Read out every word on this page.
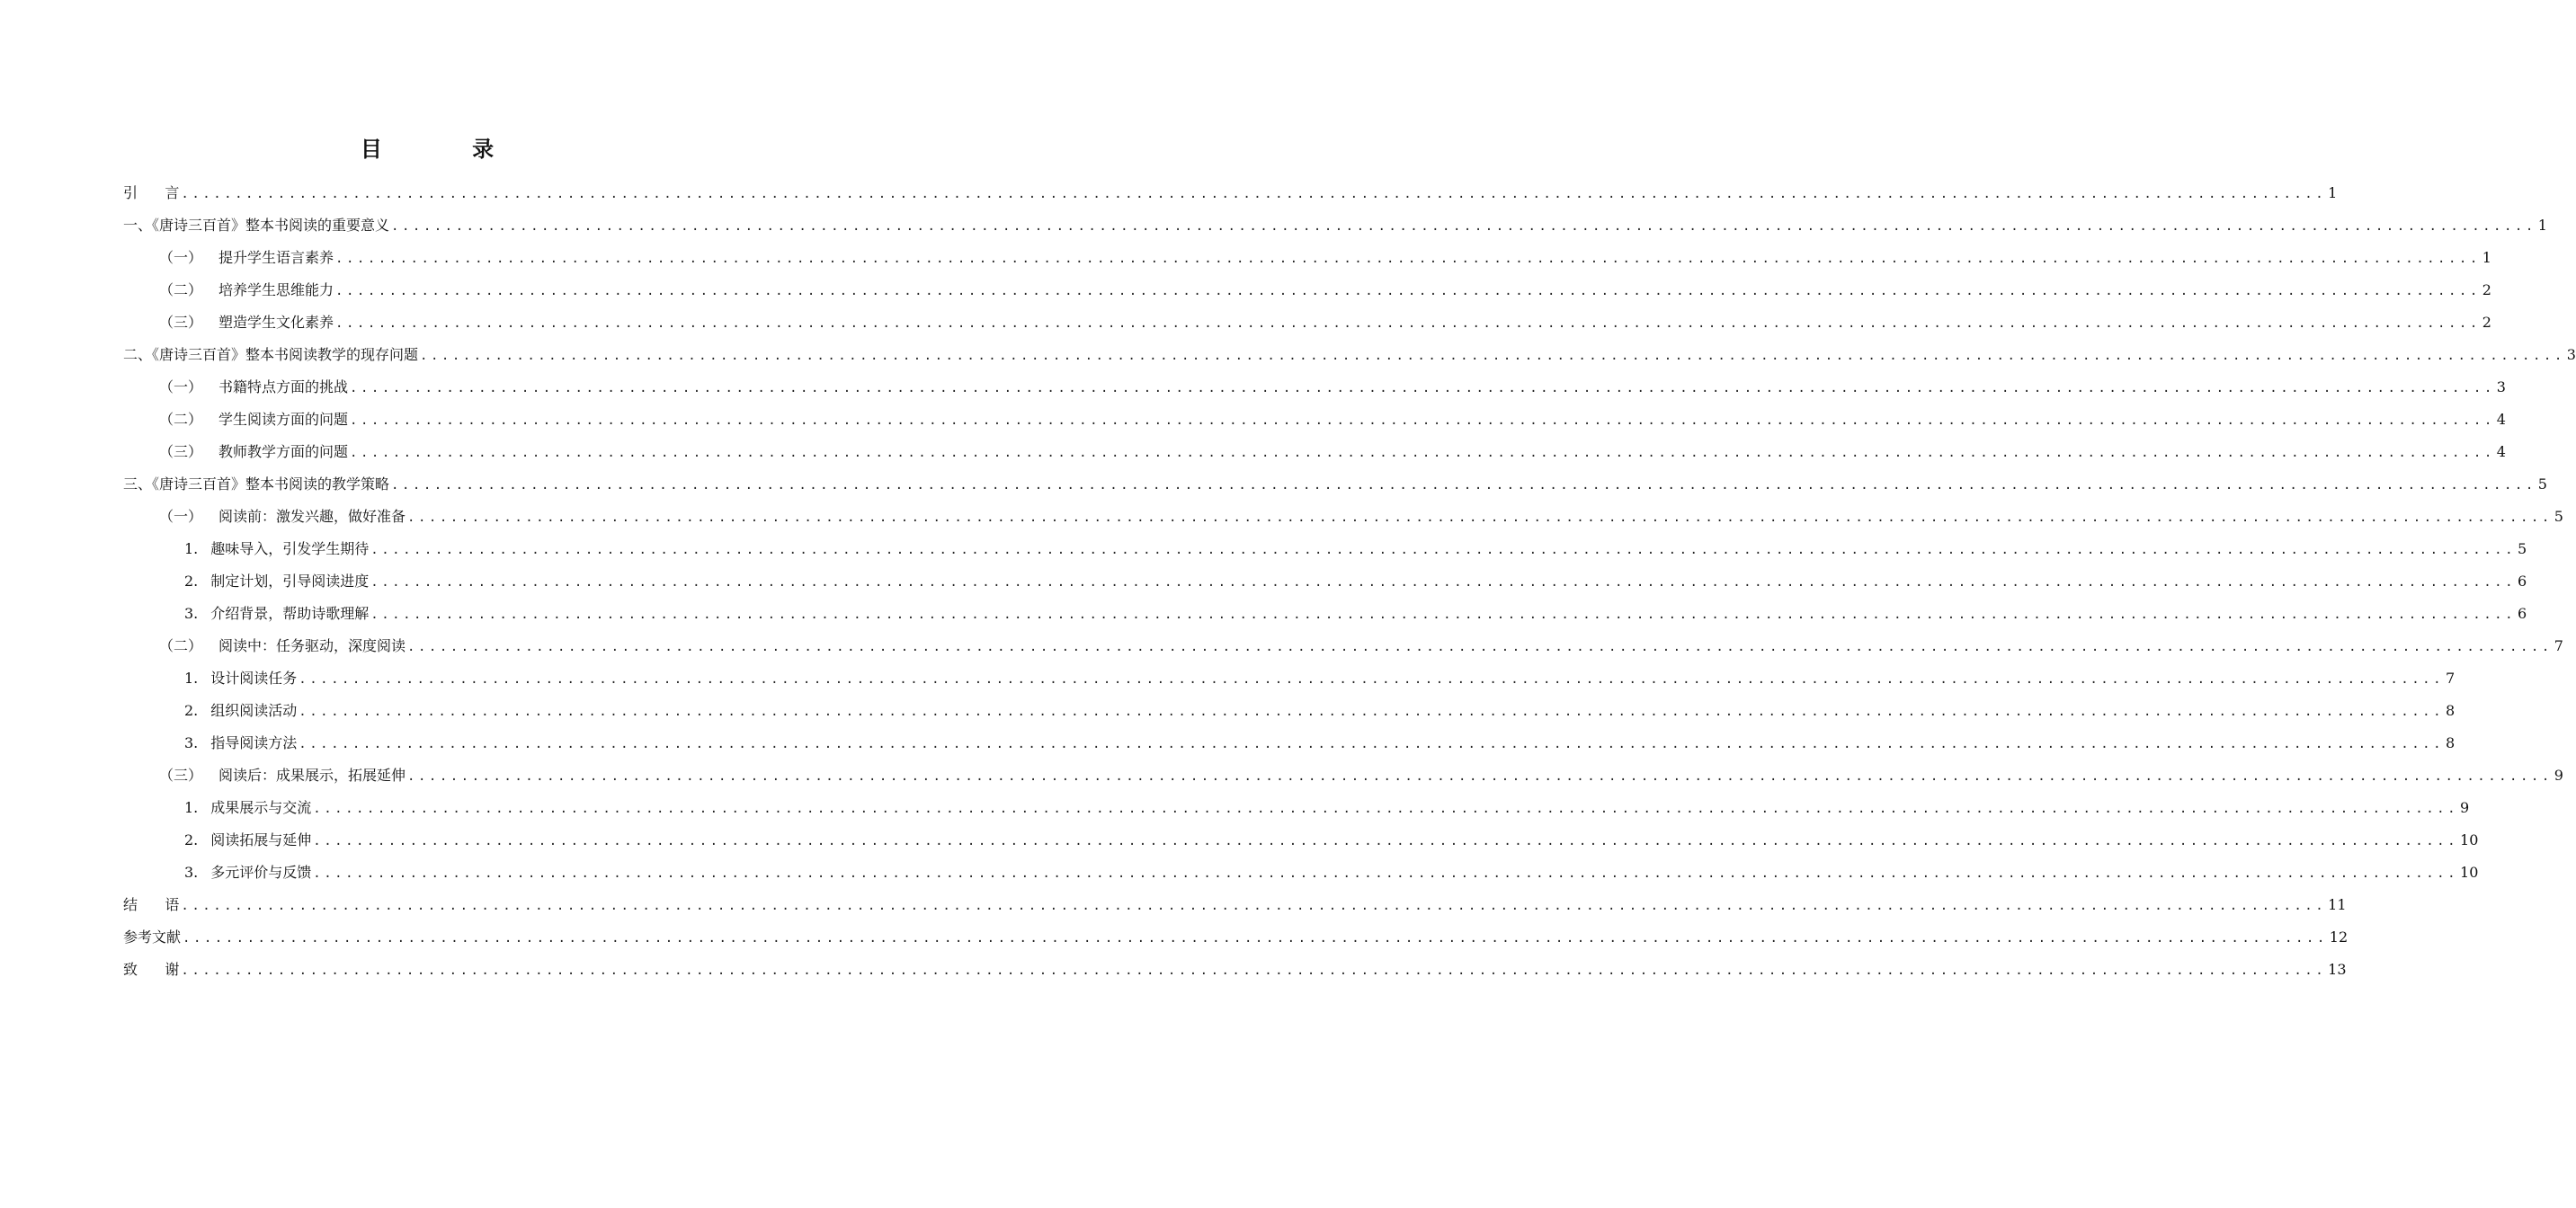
目 录
引言 ........................................................................................................................................................................................................ 1
一、《唐诗三百首》整本书阅读的重要意义 ........................................................................................................................................................................................................ 1
（一） 提升学生语言素养 ........................................................................................................................................................................................................ 1
（二） 培养学生思维能力 ........................................................................................................................................................................................................ 2
（三） 塑造学生文化素养 ........................................................................................................................................................................................................ 2
二、《唐诗三百首》整本书阅读教学的现存问题 ........................................................................................................................................................................................................ 3
（一） 书籍特点方面的挑战 ........................................................................................................................................................................................................ 3
（二） 学生阅读方面的问题 ........................................................................................................................................................................................................ 4
（三） 教师教学方面的问题 ........................................................................................................................................................................................................ 4
三、《唐诗三百首》整本书阅读的教学策略 ........................................................................................................................................................................................................ 5
（一） 阅读前：激发兴趣，做好准备 ........................................................................................................................................................................................................ 5
1. 趣味导入，引发学生期待 ........................................................................................................................................................................................................ 5
2. 制定计划，引导阅读进度 ........................................................................................................................................................................................................ 6
3. 介绍背景，帮助诗歌理解 ........................................................................................................................................................................................................ 6
（二） 阅读中：任务驱动，深度阅读 ........................................................................................................................................................................................................ 7
1. 设计阅读任务 ........................................................................................................................................................................................................ 7
2. 组织阅读活动 ........................................................................................................................................................................................................ 8
3. 指导阅读方法 ........................................................................................................................................................................................................ 8
（三） 阅读后：成果展示，拓展延伸 ........................................................................................................................................................................................................ 9
1. 成果展示与交流 ........................................................................................................................................................................................................ 9
2. 阅读拓展与延伸 ........................................................................................................................................................................................................ 10
3. 多元评价与反馈 ........................................................................................................................................................................................................ 10
结语 ........................................................................................................................................................................................................ 11
参考文献 ........................................................................................................................................................................................................ 12
致谢 ........................................................................................................................................................................................................ 13
